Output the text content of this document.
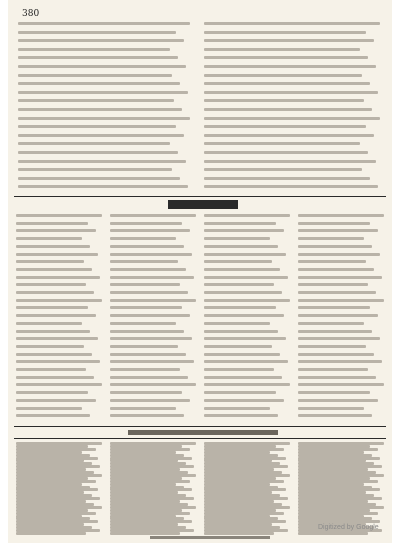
380
Digitized by Google
